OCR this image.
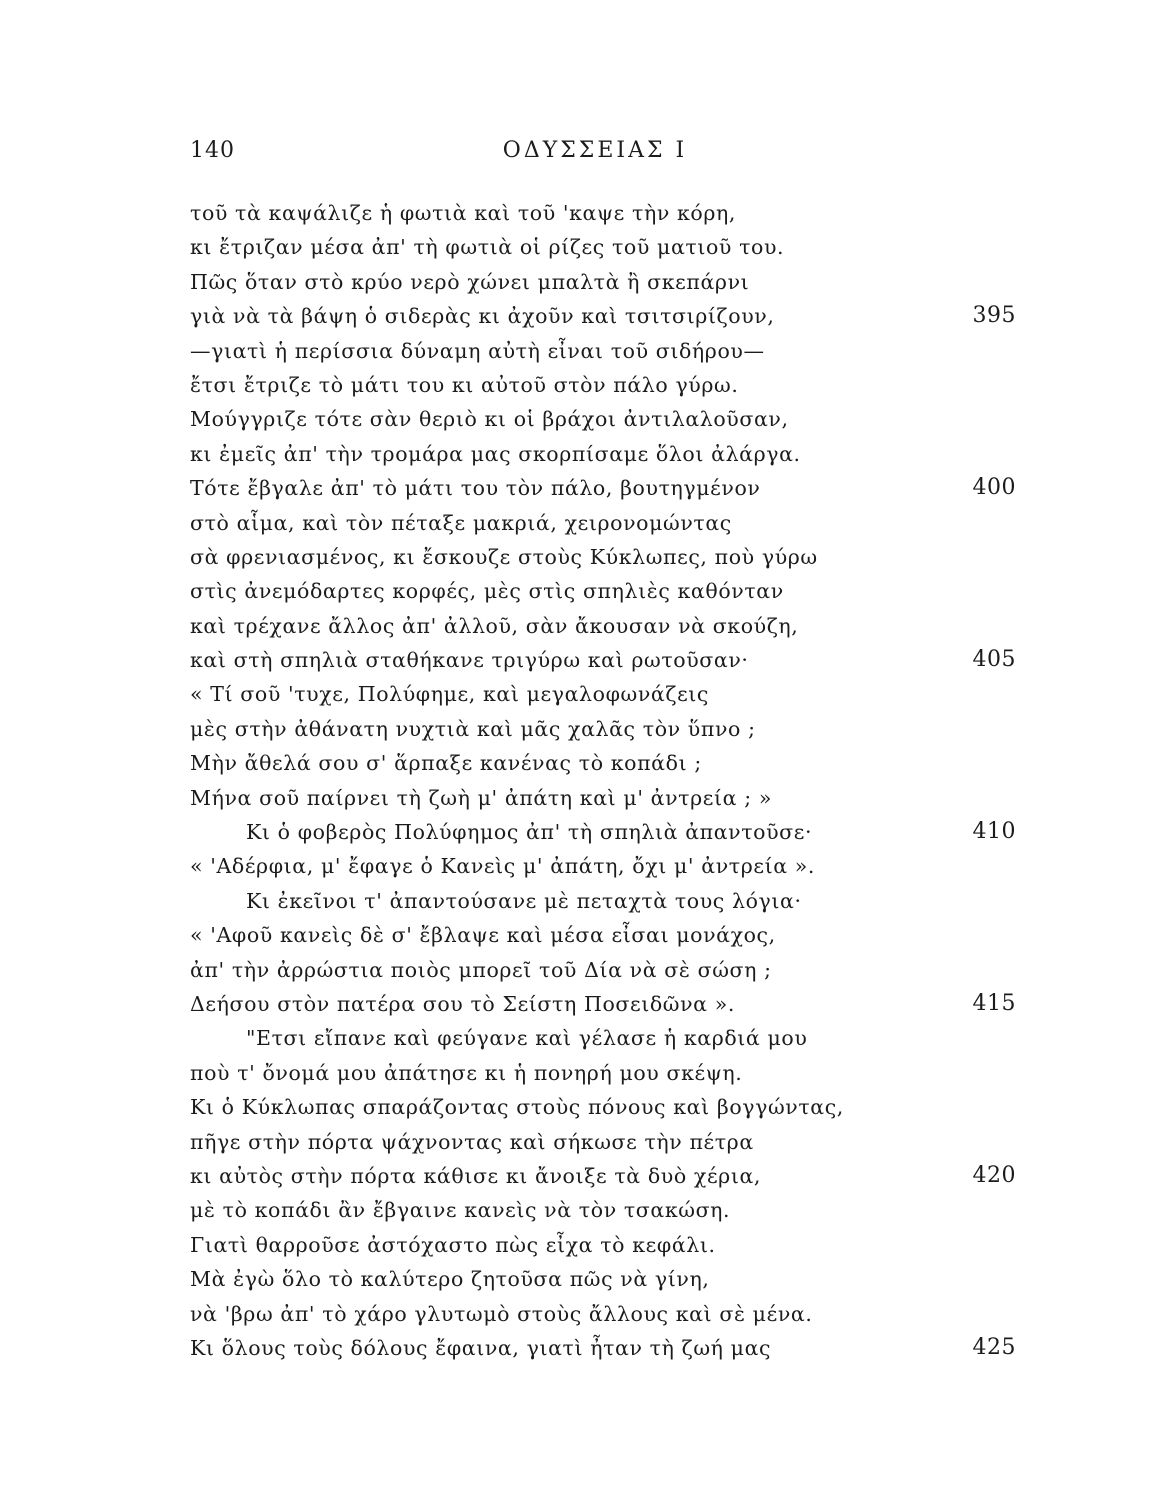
140	ΟΔΥΣΣΕΙΑΣ Ι
τοῦ τὰ καψάλιζε ἡ φωτιὰ καὶ τοῦ 'καψε τὴν κόρη,
κι ἔτριζαν μέσα ἀπ' τὴ φωτιὰ οἱ ρίζες τοῦ ματιοῦ του.
Πῶς ὅταν στὸ κρύο νερὸ χώνει μπαλτὰ ἢ σκεπάρνι
γιὰ νὰ τὰ βάψη ὁ σιδερὰς κι ἀχοῦν καὶ τσιτσιρίζουν,	395
—γιατὶ ἡ περίσσια δύναμη αὐτὴ εἶναι τοῦ σιδήρου—
ἔτσι ἔτριζε τὸ μάτι του κι αὐτοῦ στὸν πάλο γύρω.
Μούγγριζε τότε σὰν θεριὸ κι οἱ βράχοι ἀντιλαλοῦσαν,
κι ἐμεῖς ἀπ' τὴν τρομάρα μας σκορπίσαμε ὅλοι ἀλάργα.
Τότε ἔβγαλε ἀπ' τὸ μάτι του τὸν πάλο, βουτηγμένον	400
στὸ αἷμα, καὶ τὸν πέταξε μακριά, χειρονομώντας
σὰ φρενιασμένος, κι ἔσκουζε στοὺς Κύκλωπες, ποὺ γύρω
στὶς ἀνεμόδαρτες κορφές, μὲς στὶς σπηλιὲς καθόνταν
καὶ τρέχανε ἄλλος ἀπ' ἀλλοῦ, σὰν ἄκουσαν νὰ σκούζη,
καὶ στὴ σπηλιὰ σταθήκανε τριγύρω καὶ ρωτοῦσαν·	405
« Τί σοῦ 'τυχε, Πολύφημε, καὶ μεγαλοφωνάζεις
μὲς στὴν ἀθάνατη νυχτιὰ καὶ μᾶς χαλᾶς τὸν ὕπνο ;
Μὴν ἄθελά σου σ' ἅρπαξε κανένας τὸ κοπάδι ;
Μήνα σοῦ παίρνει τὴ ζωὴ μ' ἀπάτη καὶ μ' ἀντρεία ; »
Κι ὁ φοβερὸς Πολύφημος ἀπ' τὴ σπηλιὰ ἀπαντοῦσε·	410
« 'Αδέρφια, μ' ἔφαγε ὁ Κανεὶς μ' ἀπάτη, ὄχι μ' ἀντρεία ».
Κι ἐκεῖνοι τ' ἀπαντούσανε μὲ πεταχτὰ τους λόγια·
« 'Αφοῦ κανεὶς δὲ σ' ἔβλαψε καὶ μέσα εἶσαι μονάχος,
ἀπ' τὴν ἀρρώστια ποιὸς μπορεῖ τοῦ Δία νὰ σὲ σώση ;
Δεήσου στὸν πατέρα σου τὸ Σείστη Ποσειδῶνα ».	415
"Ετσι εἴπανε καὶ φεύγανε καὶ γέλασε ἡ καρδιά μου
ποὺ τ' ὄνομά μου ἀπάτησε κι ἡ πονηρή μου σκέψη.
Κι ὁ Κύκλωπας σπαράζοντας στοὺς πόνους καὶ βογγώντας,
πῆγε στὴν πόρτα ψάχνοντας καὶ σήκωσε τὴν πέτρα
κι αὐτὸς στὴν πόρτα κάθισε κι ἄνοιξε τὰ δυὸ χέρια,	420
μὲ τὸ κοπάδι ἂν ἔβγαινε κανεὶς νὰ τὸν τσακώση.
Γιατὶ θαρροῦσε ἀστόχαστο πὼς εἶχα τὸ κεφάλι.
Μὰ ἐγὼ ὅλο τὸ καλύτερο ζητοῦσα πῶς νὰ γίνη,
νὰ 'βρω ἀπ' τὸ χάρο γλυτωμὸ στοὺς ἄλλους καὶ σὲ μένα.
Κι ὅλους τοὺς δόλους ἔφαινα, γιατὶ ἦταν τὴ ζωή μας	425
